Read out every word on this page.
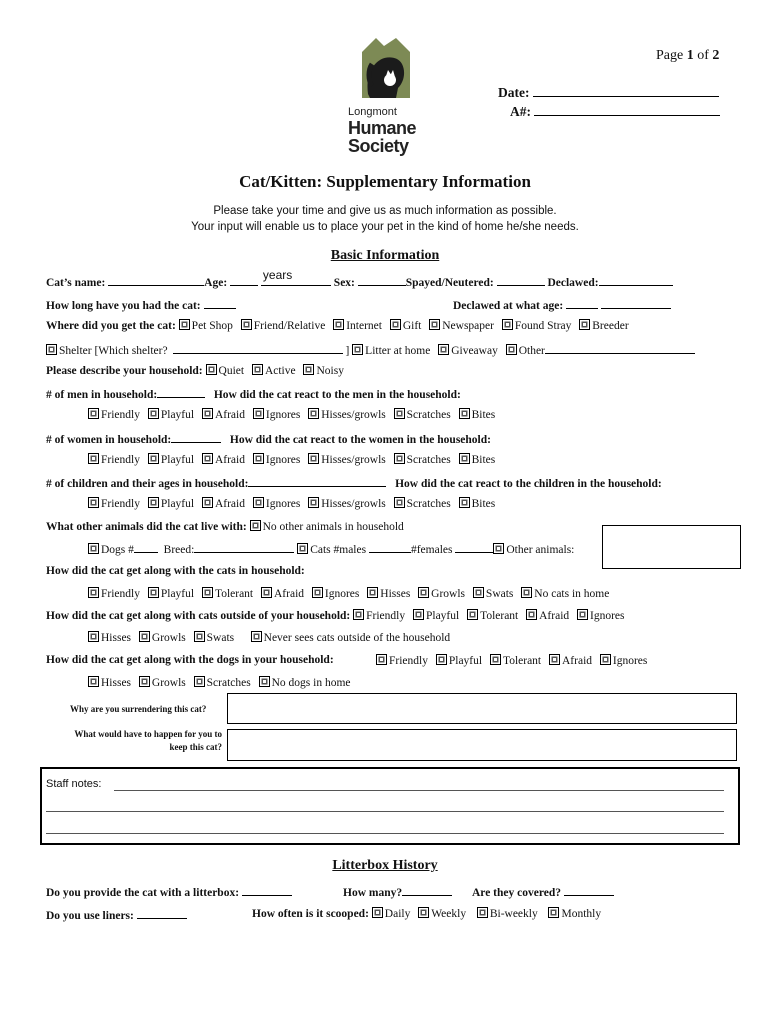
Page 1 of 2
Longmont
Humane
Society
Date:
A#:
Cat/Kitten: Supplementary Information
Please take your time and give us as much information as possible.
Your input will enable us to place your pet in the kind of home he/she needs.
Basic Information
Cat’s name:	Age:
years
Sex:	Spayed/Neutered:	Declawed:
How long have you had the cat:	Declawed at what age:
Where did you get the cat: Pet Shop Friend/Relative Internet Gift Newspaper Found Stray Breeder
Shelter [Which shelter?	] Litter at home Giveaway Other
Please describe your household: Quiet Active Noisy
# of men in household:	How did the cat react to the men in the household:
Friendly Playful Afraid Ignores Hisses/growls Scratches Bites
# of women in household:	How did the cat react to the women in the household:
Friendly Playful Afraid Ignores Hisses/growls Scratches Bites
# of children and their ages in household:	How did the cat react to the children in the household:
Friendly Playful Afraid Ignores Hisses/growls Scratches Bites
What other animals did the cat live with: No other animals in household
Dogs #	Breed:	Cats #males	#females	Other animals:
How did the cat get along with the cats in household:
Friendly Playful Tolerant Afraid Ignores Hisses Growls Swats No cats in home
How did the cat get along with cats outside of your household: Friendly Playful Tolerant Afraid Ignores
Hisses Growls Swats	Never sees cats outside of the household
How did the cat get along with the dogs in your household:	Friendly Playful Tolerant Afraid Ignores
Hisses Growls Scratches No dogs in home
Why are you surrendering this cat?
What would have to happen for you to
keep this cat?
Staff notes:
Litterbox History
Do you provide the cat with a litterbox:	How many?	Are they covered?
Do you use liners:	How often is it scooped: Daily Weekly Bi-weekly Monthly
